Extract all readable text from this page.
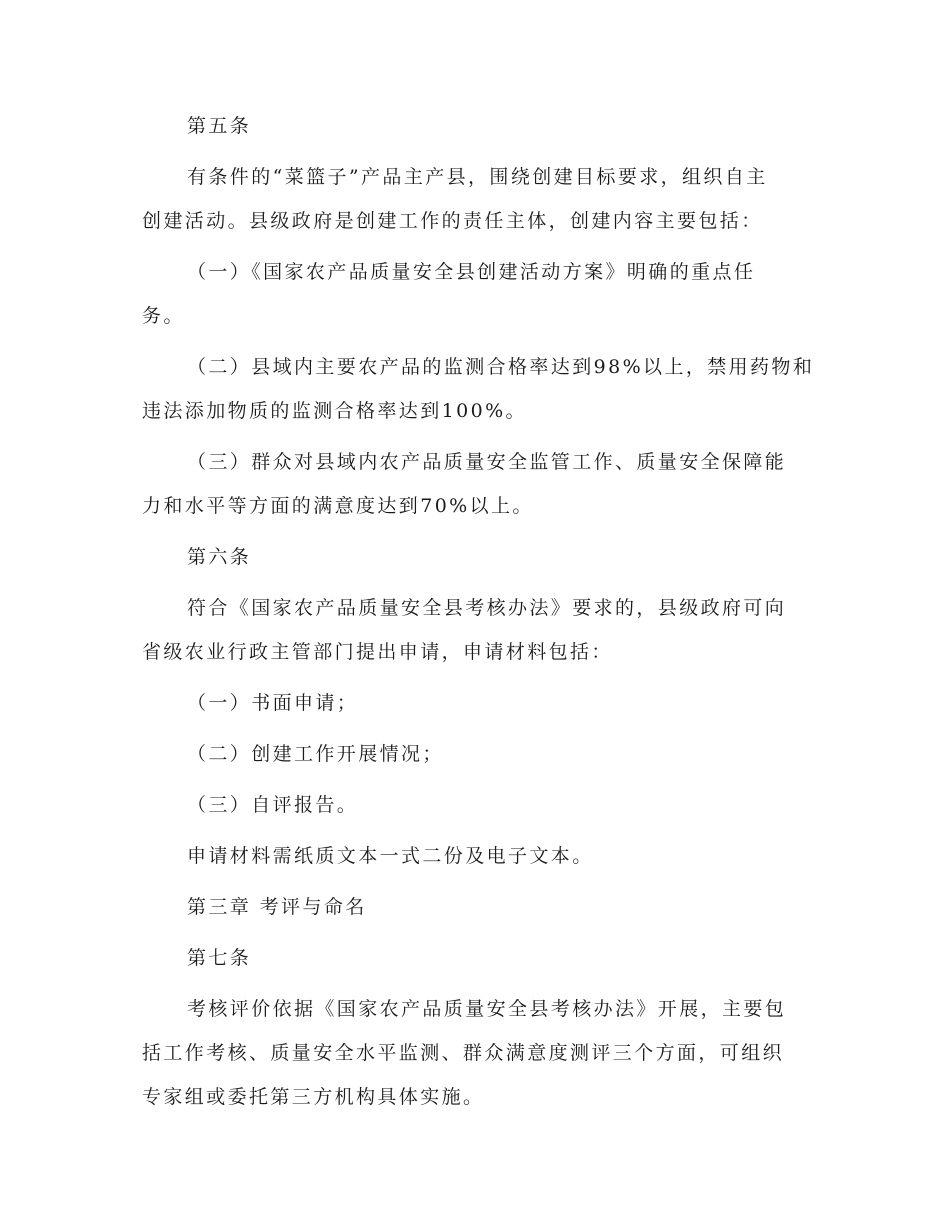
第五条

有条件的“菜篮子”产品主产县，围绕创建目标要求，组织自主

创建活动。县级政府是创建工作的责任主体，创建内容主要包括：

（一）《国家农产品质量安全县创建活动方案》明确的重点任

务。

（二）县域内主要农产品的监测合格率达到98%以上，禁用药物和

违法添加物质的监测合格率达到100%。

（三）群众对县域内农产品质量安全监管工作、质量安全保障能

力和水平等方面的满意度达到70%以上。

第六条

符合《国家农产品质量安全县考核办法》要求的，县级政府可向

省级农业行政主管部门提出申请，申请材料包括：

（一）书面申请；

（二）创建工作开展情况；

（三）自评报告。

申请材料需纸质文本一式二份及电子文本。

第三章 考评与命名

第七条

考核评价依据《国家农产品质量安全县考核办法》开展，主要包

括工作考核、质量安全水平监测、群众满意度测评三个方面，可组织

专家组或委托第三方机构具体实施。
